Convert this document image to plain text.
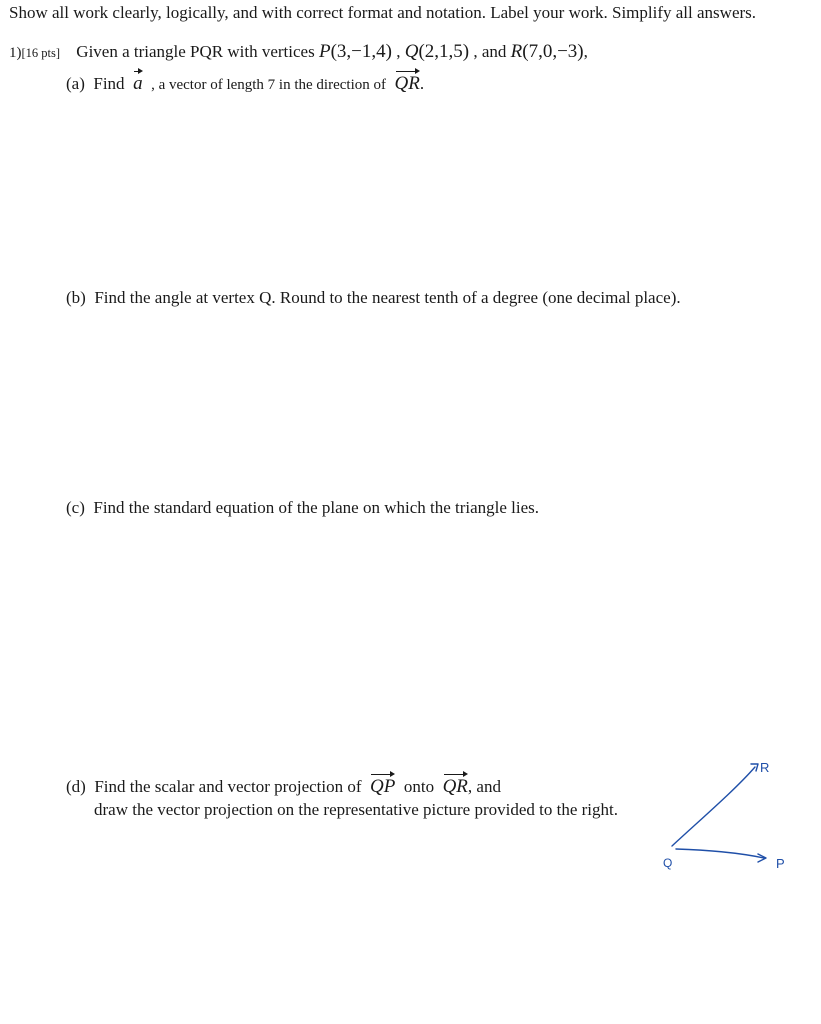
Show all work clearly, logically, and with correct format and notation. Label your work. Simplify all answers.
1)[16 pts] Given a triangle PQR with vertices P(3,−1,4) , Q(2,1,5) , and R(7,0,−3),
(a) Find a , a vector of length 7 in the direction of QR.
(b) Find the angle at vertex Q. Round to the nearest tenth of a degree (one decimal place).
(c) Find the standard equation of the plane on which the triangle lies.
(d) Find the scalar and vector projection of QP onto QR, and
draw the vector projection on the representative picture provided to the right.
R
Q	P
